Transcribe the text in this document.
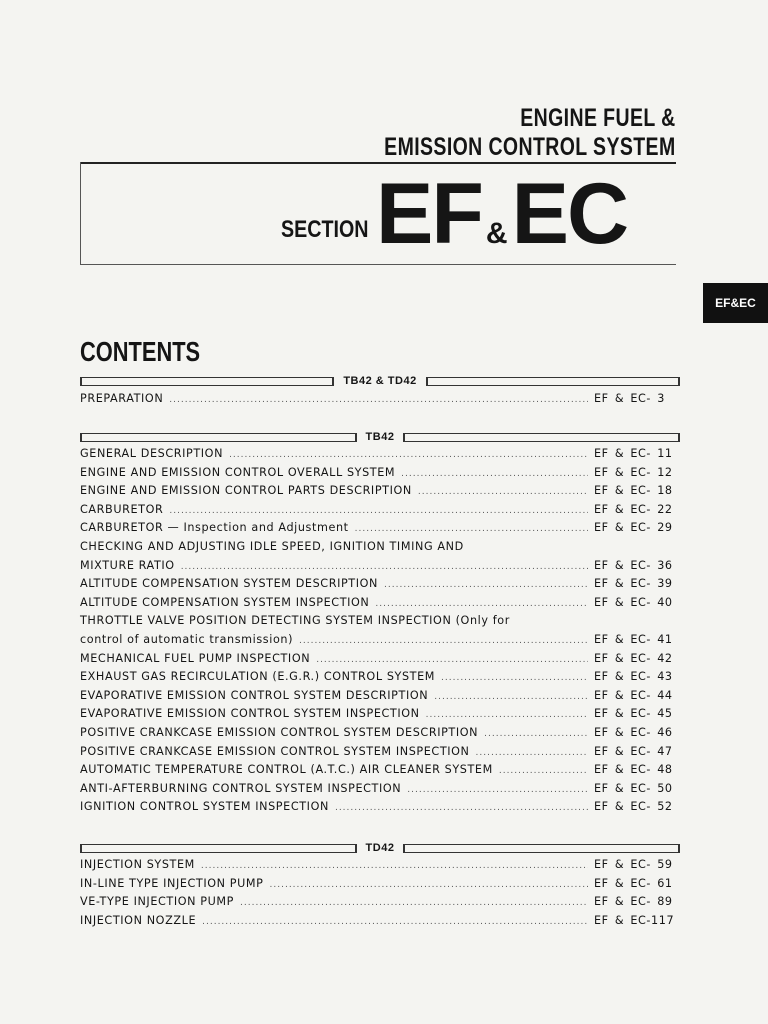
ENGINE FUEL &
EMISSION CONTROL SYSTEM
SECTION EF &EC
EF&EC
CONTENTS
TB42 & TD42
PREPARATION .....	EF & EC- 3
TB42
GENERAL DESCRIPTION .....	EF & EC- 11
ENGINE AND EMISSION CONTROL OVERALL SYSTEM .....	EF & EC- 12
ENGINE AND EMISSION CONTROL PARTS DESCRIPTION .....	EF & EC- 18
CARBURETOR .....	EF & EC- 22
CARBURETOR — Inspection and Adjustment .....	EF & EC- 29
CHECKING AND ADJUSTING IDLE SPEED, IGNITION TIMING AND
MIXTURE RATIO .....	EF & EC- 36
ALTITUDE COMPENSATION SYSTEM DESCRIPTION .....	EF & EC- 39
ALTITUDE COMPENSATION SYSTEM INSPECTION .....	EF & EC- 40
THROTTLE VALVE POSITION DETECTING SYSTEM INSPECTION (Only for
control of automatic transmission) .....	EF & EC- 41
MECHANICAL FUEL PUMP INSPECTION .....	EF & EC- 42
EXHAUST GAS RECIRCULATION (E.G.R.) CONTROL SYSTEM .....	EF & EC- 43
EVAPORATIVE EMISSION CONTROL SYSTEM DESCRIPTION .....	EF & EC- 44
EVAPORATIVE EMISSION CONTROL SYSTEM INSPECTION .....	EF & EC- 45
POSITIVE CRANKCASE EMISSION CONTROL SYSTEM DESCRIPTION .....	EF & EC- 46
POSITIVE CRANKCASE EMISSION CONTROL SYSTEM INSPECTION .....	EF & EC- 47
AUTOMATIC TEMPERATURE CONTROL (A.T.C.) AIR CLEANER SYSTEM .....	EF & EC- 48
ANTI-AFTERBURNING CONTROL SYSTEM INSPECTION .....	EF & EC- 50
IGNITION CONTROL SYSTEM INSPECTION .....	EF & EC- 52
TD42
INJECTION SYSTEM .....	EF & EC- 59
IN-LINE TYPE INJECTION PUMP .....	EF & EC- 61
VE-TYPE INJECTION PUMP .....	EF & EC- 89
INJECTION NOZZLE .....	EF & EC-117
